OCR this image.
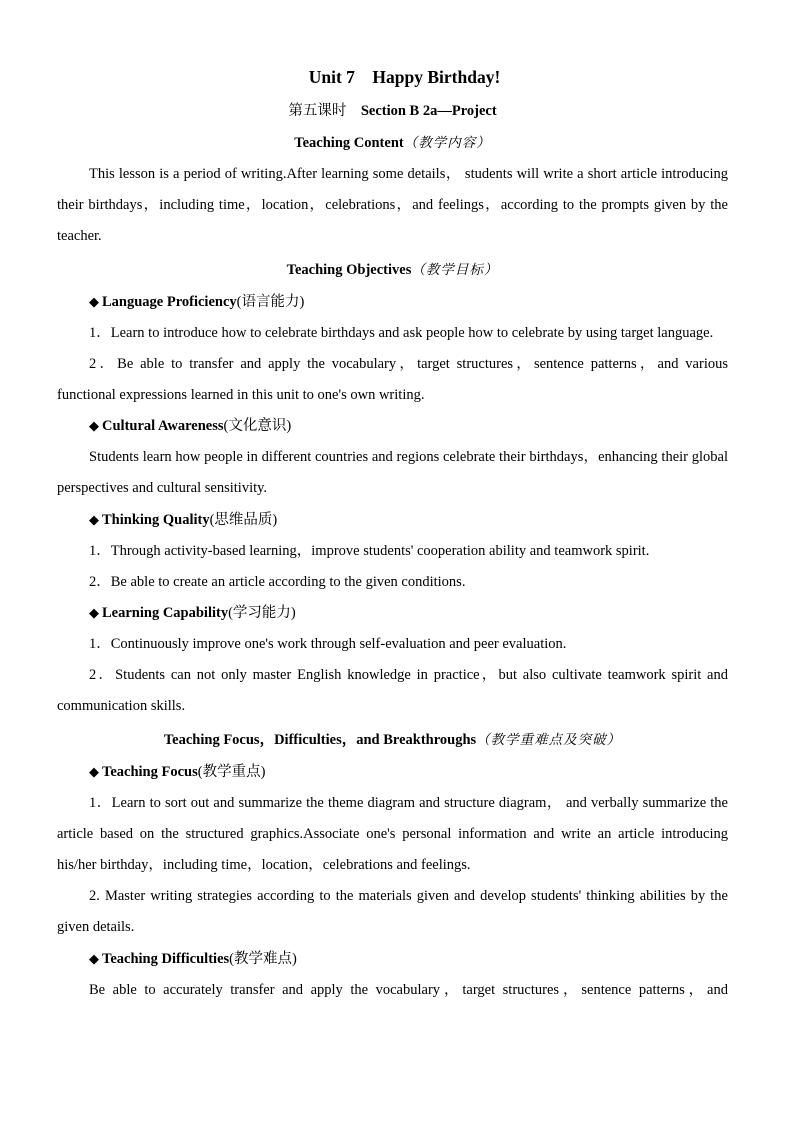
Unit 7　Happy Birthday!
第五课时 Section B 2a—Project
Teaching Content（教学内容）

This lesson is a period of writing.After learning some details， students will write a short article introducing their birthdays，including time，location，celebrations，and feelings，according to the prompts given by the teacher.

Teaching Objectives（教学目标）
◆ Language Proficiency(语言能力)

1．Learn to introduce how to celebrate birthdays and ask people how to celebrate by using target language.

2．Be able to transfer and apply the vocabulary，target structures，sentence patterns，and various functional expressions learned in this unit to one's own writing.

◆ Cultural Awareness(文化意识)

Students learn how people in different countries and regions celebrate their birthdays，enhancing their global perspectives and cultural sensitivity.

◆ Thinking Quality(思维品质)

1．Through activity-based learning，improve students' cooperation ability and teamwork spirit.

2．Be able to create an article according to the given conditions.

◆ Learning Capability(学习能力)

1．Continuously improve one's work through self-evaluation and peer evaluation.

2．Students can not only master English knowledge in practice，but also cultivate teamwork spirit and communication skills.

Teaching Focus，Difficulties，and Breakthroughs（教学重难点及突破）
◆ Teaching Focus(教学重点)

1．Learn to sort out and summarize the theme diagram and structure diagram， and verbally summarize the article based on the structured graphics.Associate one's personal information and write an article introducing his/her birthday，including time，location，celebrations and feelings.

2. Master writing strategies according to the materials given and develop students' thinking abilities by the given details.

◆ Teaching Difficulties(教学难点)

Be able to accurately transfer and apply the vocabulary，target structures，sentence patterns，and
